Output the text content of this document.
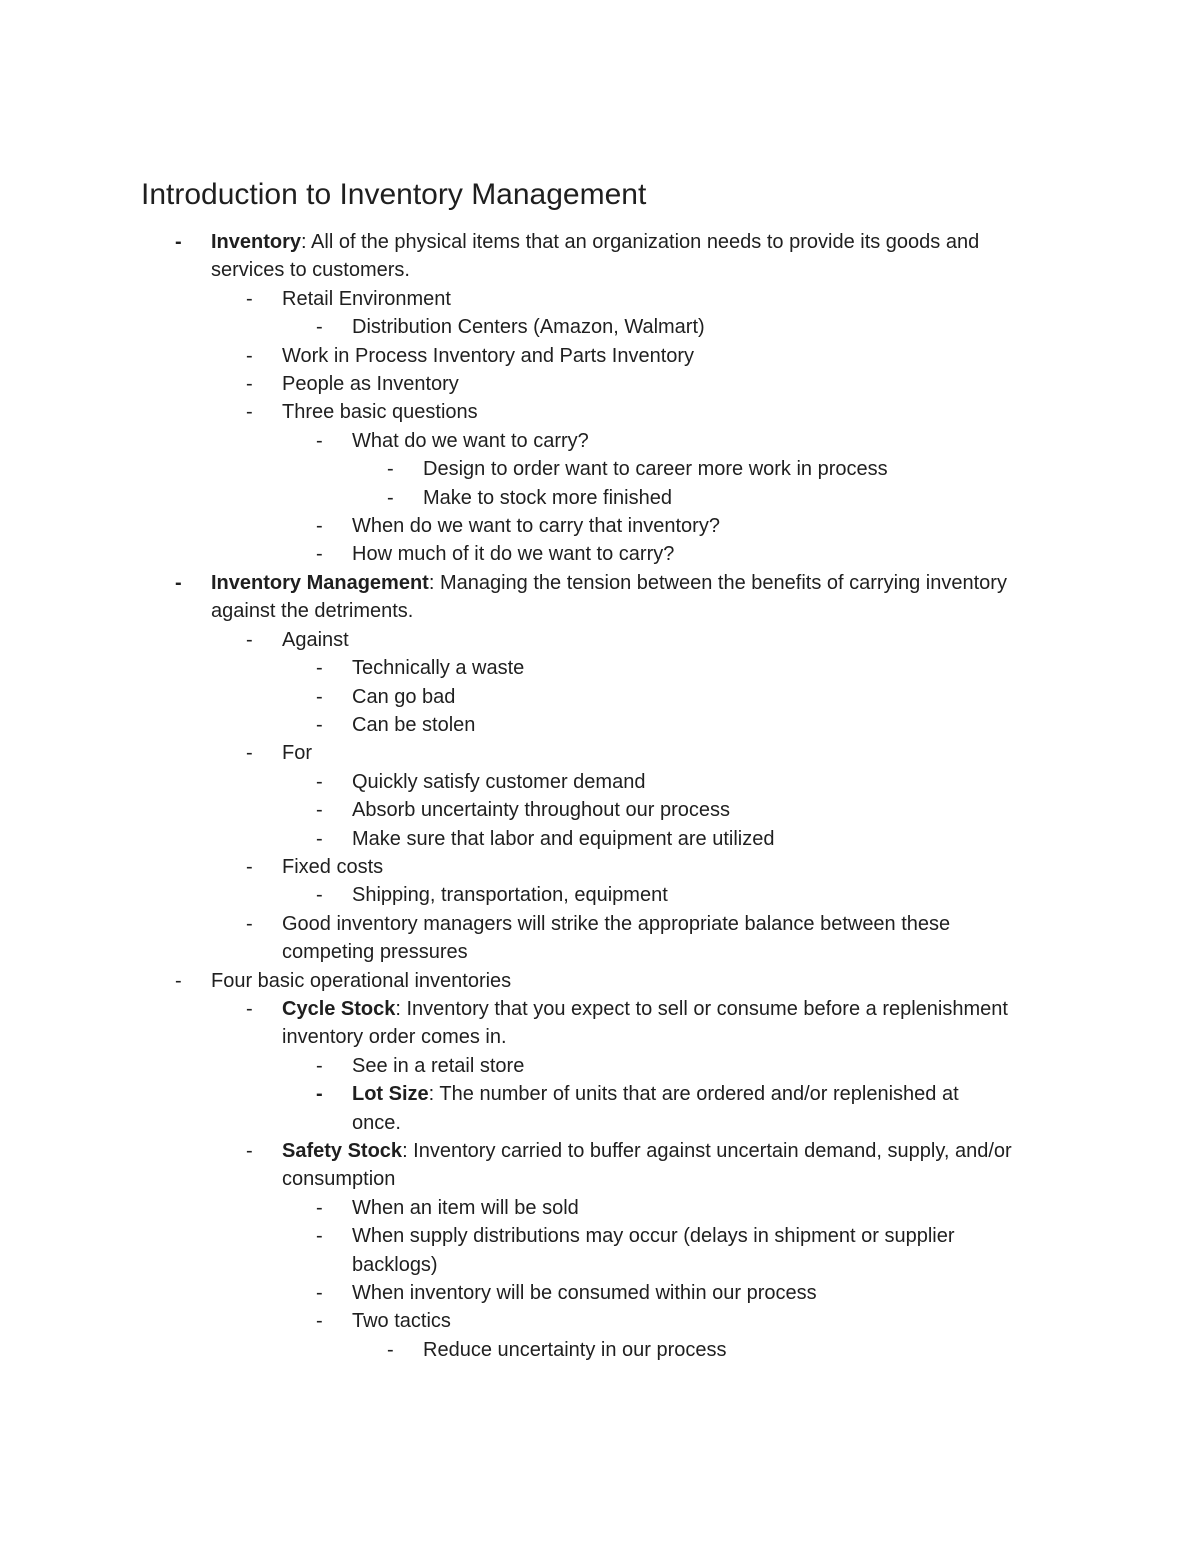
Introduction to Inventory Management
-	Inventory: All of the physical items that an organization needs to provide its goods and services to customers.
-	Retail Environment
-	Distribution Centers (Amazon, Walmart)
-	Work in Process Inventory and Parts Inventory
-	People as Inventory
-	Three basic questions
-	What do we want to carry?
-	Design to order want to career more work in process
-	Make to stock more finished
-	When do we want to carry that inventory?
-	How much of it do we want to carry?
-	Inventory Management: Managing the tension between the benefits of carrying inventory against the detriments.
-	Against
-	Technically a waste
-	Can go bad
-	Can be stolen
-	For
-	Quickly satisfy customer demand
-	Absorb uncertainty throughout our process
-	Make sure that labor and equipment are utilized
-	Fixed costs
-	Shipping, transportation, equipment
-	Good inventory managers will strike the appropriate balance between these competing pressures
-	Four basic operational inventories
-	Cycle Stock: Inventory that you expect to sell or consume before a replenishment inventory order comes in.
-	See in a retail store
-	Lot Size: The number of units that are ordered and/or replenished at once.
-	Safety Stock: Inventory carried to buffer against uncertain demand, supply, and/or consumption
-	When an item will be sold
-	When supply distributions may occur (delays in shipment or supplier backlogs)
-	When inventory will be consumed within our process
-	Two tactics
-	Reduce uncertainty in our process
